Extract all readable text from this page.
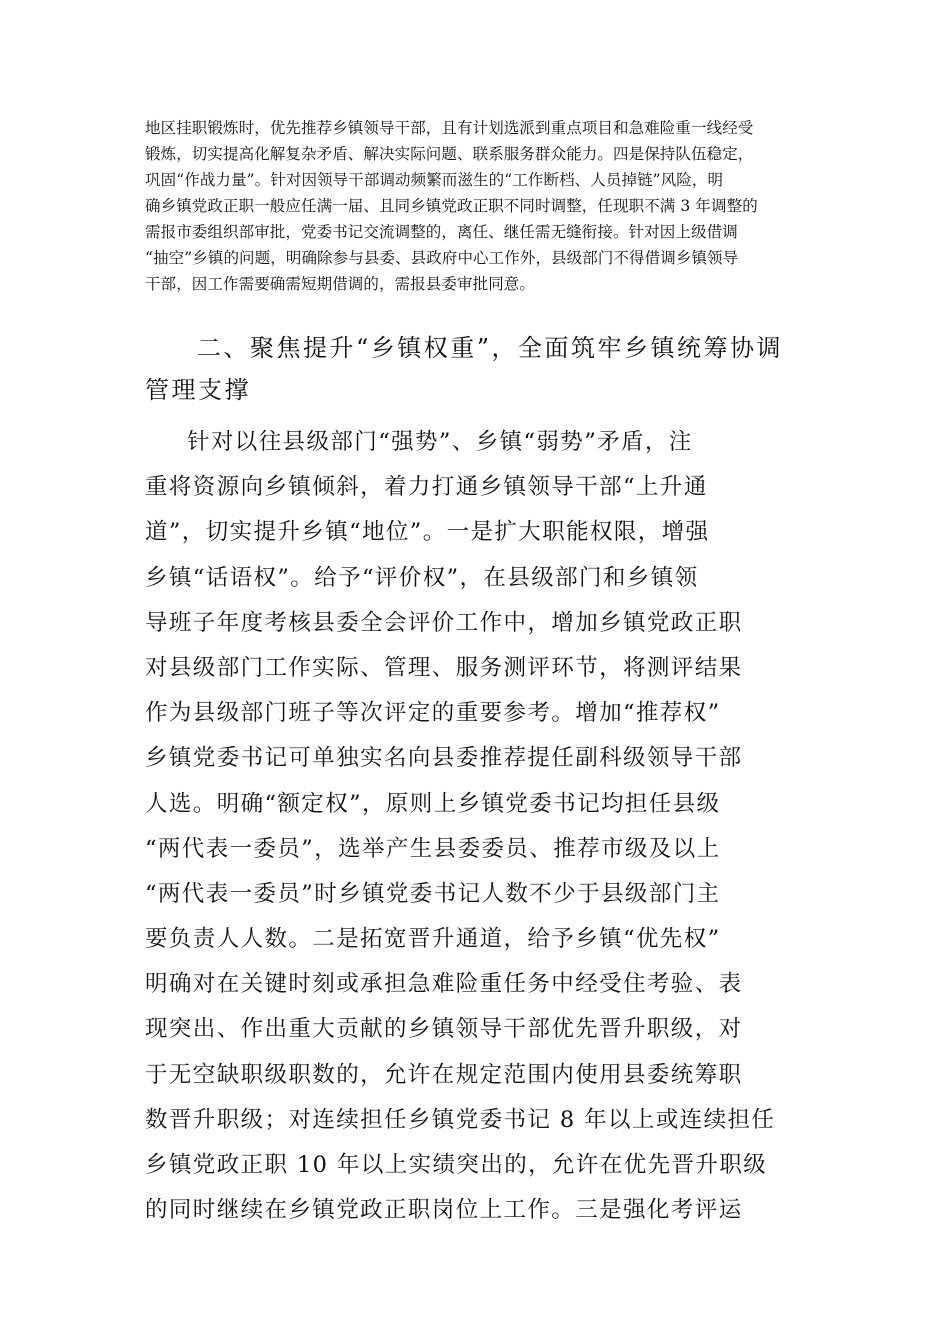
地区挂职锻炼时，优先推荐乡镇领导干部，且有计划选派到重点项目和急难险重一线经受
锻炼，切实提高化解复杂矛盾、解决实际问题、联系服务群众能力。四是保持队伍稳定，
巩固“作战力量”。针对因领导干部调动频繁而滋生的“工作断档、人员掉链”风险，明
确乡镇党政正职一般应任满一届、且同乡镇党政正职不同时调整，任现职不满 3 年调整的
需报市委组织部审批，党委书记交流调整的，离任、继任需无缝衔接。针对因上级借调
“抽空”乡镇的问题，明确除参与县委、县政府中心工作外，县级部门不得借调乡镇领导
干部，因工作需要确需短期借调的，需报县委审批同意。
二、聚焦提升“乡镇权重”，全面筑牢乡镇统筹协调
管理支撑
针对以往县级部门“强势”、乡镇“弱势”矛盾，注
重将资源向乡镇倾斜，着力打通乡镇领导干部“上升通
道”，切实提升乡镇“地位”。一是扩大职能权限，增强
乡镇“话语权”。给予“评价权”，在县级部门和乡镇领
导班子年度考核县委全会评价工作中，增加乡镇党政正职
对县级部门工作实际、管理、服务测评环节，将测评结果
作为县级部门班子等次评定的重要参考。增加“推荐权”
乡镇党委书记可单独实名向县委推荐提任副科级领导干部
人选。明确“额定权”，原则上乡镇党委书记均担任县级
“两代表一委员”，选举产生县委委员、推荐市级及以上
“两代表一委员”时乡镇党委书记人数不少于县级部门主
要负责人人数。二是拓宽晋升通道，给予乡镇“优先权”
明确对在关键时刻或承担急难险重任务中经受住考验、表
现突出、作出重大贡献的乡镇领导干部优先晋升职级，对
于无空缺职级职数的，允许在规定范围内使用县委统筹职
数晋升职级；对连续担任乡镇党委书记 8 年以上或连续担任
乡镇党政正职 10 年以上实绩突出的，允许在优先晋升职级
的同时继续在乡镇党政正职岗位上工作。三是强化考评运
